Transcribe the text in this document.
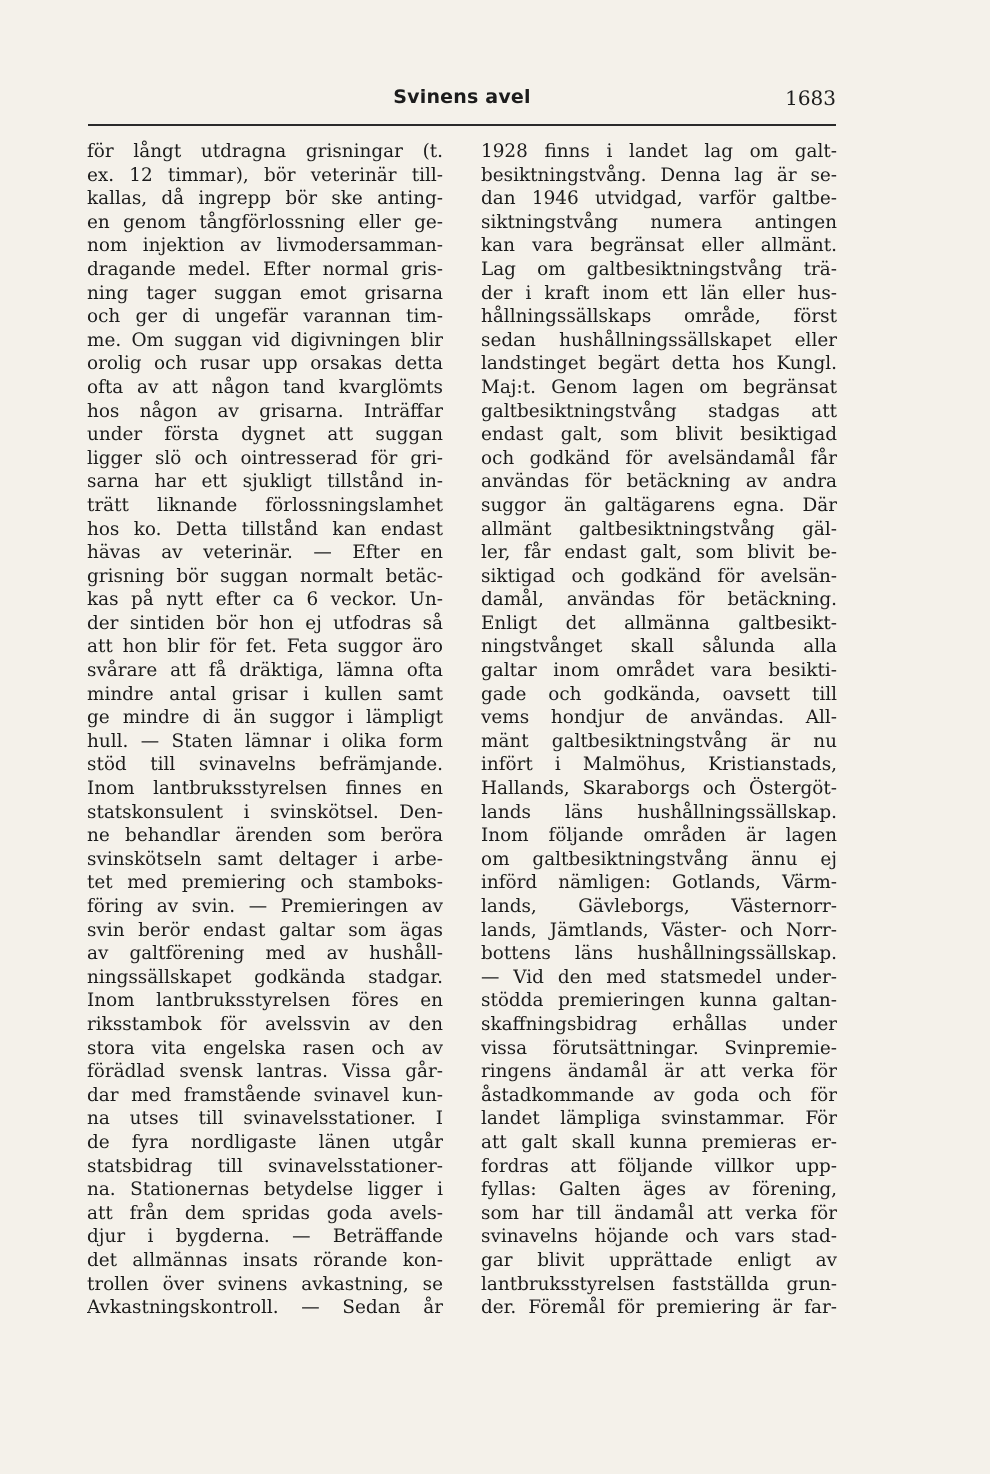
Svinens avel	1683
för långt utdragna grisningar (t.
ex. 12 timmar), bör veterinär till-
kallas, då ingrepp bör ske anting-
en genom tångförlossning eller ge-
nom injektion av livmodersamman-
dragande medel. Efter normal gris-
ning tager suggan emot grisarna
och ger di ungefär varannan tim-
me. Om suggan vid digivningen blir
orolig och rusar upp orsakas detta
ofta av att någon tand kvarglömts
hos någon av grisarna. Inträffar
under första dygnet att suggan
ligger slö och ointresserad för gri-
sarna har ett sjukligt tillstånd in-
trätt liknande förlossningslamhet
hos ko. Detta tillstånd kan endast
hävas av veterinär. — Efter en
grisning bör suggan normalt betäc-
kas på nytt efter ca 6 veckor. Un-
der sintiden bör hon ej utfodras så
att hon blir för fet. Feta suggor äro
svårare att få dräktiga, lämna ofta
mindre antal grisar i kullen samt
ge mindre di än suggor i lämpligt
hull. — Staten lämnar i olika form
stöd till svinavelns befrämjande.
Inom lantbruksstyrelsen finnes en
statskonsulent i svinskötsel. Den-
ne behandlar ärenden som beröra
svinskötseln samt deltager i arbe-
tet med premiering och stamboks-
föring av svin. — Premieringen av
svin berör endast galtar som ägas
av galtförening med av hushåll-
ningssällskapet godkända stadgar.
Inom lantbruksstyrelsen föres en
riksstambok för avelssvin av den
stora vita engelska rasen och av
förädlad svensk lantras. Vissa går-
dar med framstående svinavel kun-
na utses till svinavelsstationer. I
de fyra nordligaste länen utgår
statsbidrag till svinavelsstationer-
na. Stationernas betydelse ligger i
att från dem spridas goda avels-
djur i bygderna. — Beträffande
det allmännas insats rörande kon-
trollen över svinens avkastning, se
Avkastningskontroll. — Sedan år
1928 finns i landet lag om galt-
besiktningstvång. Denna lag är se-
dan 1946 utvidgad, varför galtbe-
siktningstvång numera antingen
kan vara begränsat eller allmänt.
Lag om galtbesiktningstvång trä-
der i kraft inom ett län eller hus-
hållningssällskaps område, först
sedan hushållningssällskapet eller
landstinget begärt detta hos Kungl.
Maj:t. Genom lagen om begränsat
galtbesiktningstvång stadgas att
endast galt, som blivit besiktigad
och godkänd för avelsändamål får
användas för betäckning av andra
suggor än galtägarens egna. Där
allmänt galtbesiktningstvång gäl-
ler, får endast galt, som blivit be-
siktigad och godkänd för avelsän-
damål, användas för betäckning.
Enligt det allmänna galtbesikt-
ningstvånget skall sålunda alla
galtar inom området vara besikti-
gade och godkända, oavsett till
vems hondjur de användas. All-
mänt galtbesiktningstvång är nu
infört i Malmöhus, Kristianstads,
Hallands, Skaraborgs och Östergöt-
lands läns hushållningssällskap.
Inom följande områden är lagen
om galtbesiktningstvång ännu ej
införd nämligen: Gotlands, Värm-
lands, Gävleborgs, Västernorr-
lands, Jämtlands, Väster- och Norr-
bottens läns hushållningssällskap.
— Vid den med statsmedel under-
stödda premieringen kunna galtan-
skaffningsbidrag erhållas under
vissa förutsättningar. Svinpremie-
ringens ändamål är att verka för
åstadkommande av goda och för
landet lämpliga svinstammar. För
att galt skall kunna premieras er-
fordras att följande villkor upp-
fyllas: Galten äges av förening,
som har till ändamål att verka för
svinavelns höjande och vars stad-
gar blivit upprättade enligt av
lantbruksstyrelsen fastställda grun-
der. Föremål för premiering är far-
